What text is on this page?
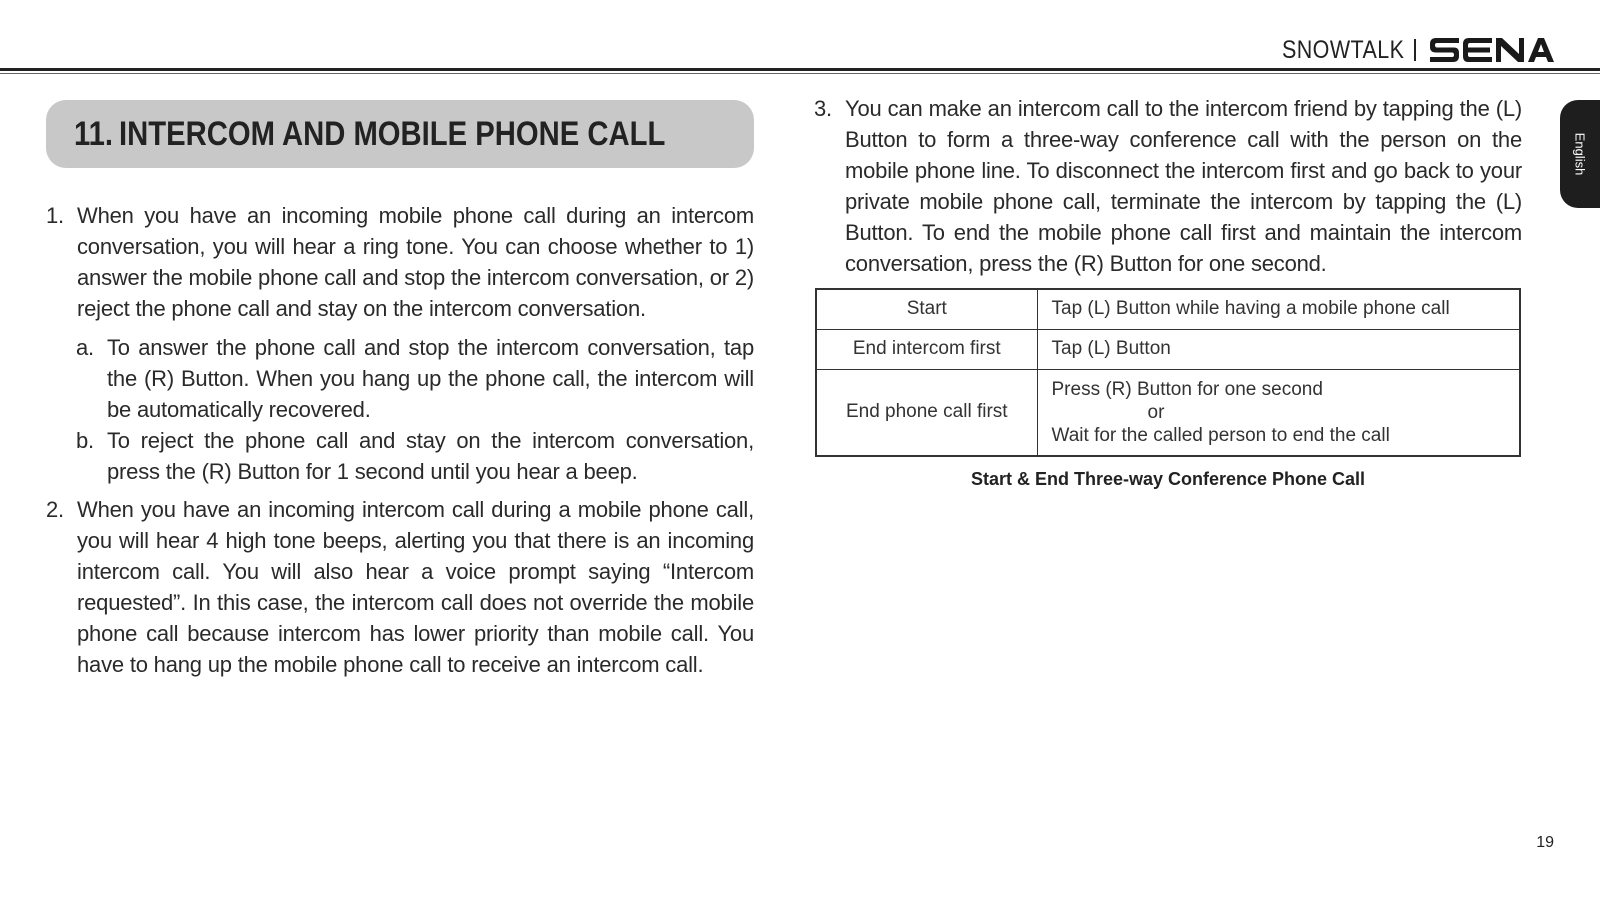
SNOWTALK
English
11. INTERCOM AND MOBILE PHONE CALL
1. When you have an incoming mobile phone call during an intercom conversation, you will hear a ring tone. You can choose whether to 1) answer the mobile phone call and stop the intercom conversation, or 2) reject the phone call and stay on the intercom conversation.
a. To answer the phone call and stop the intercom conversation, tap the (R) Button. When you hang up the phone call, the intercom will be automatically recovered.
b. To reject the phone call and stay on the intercom conversation, press the (R) Button for 1 second until you hear a beep.
2. When you have an incoming intercom call during a mobile phone call, you will hear 4 high tone beeps, alerting you that there is an incoming intercom call. You will also hear a voice prompt saying “Intercom requested”. In this case, the intercom call does not override the mobile phone call because intercom has lower priority than mobile call. You have to hang up the mobile phone call to receive an intercom call.
3. You can make an intercom call to the intercom friend by tapping the (L) Button to form a three-way conference call with the person on the mobile phone line. To disconnect the intercom first and go back to your private mobile phone call, terminate the intercom by tapping the (L) Button. To end the mobile phone call first and maintain the intercom conversation, press the (R) Button for one second.
Start	Tap (L) Button while having a mobile phone call
End intercom first	Tap (L) Button
End phone call first	Press (R) Button for one second
or
Wait for the called person to end the call
Start & End Three-way Conference Phone Call
19
